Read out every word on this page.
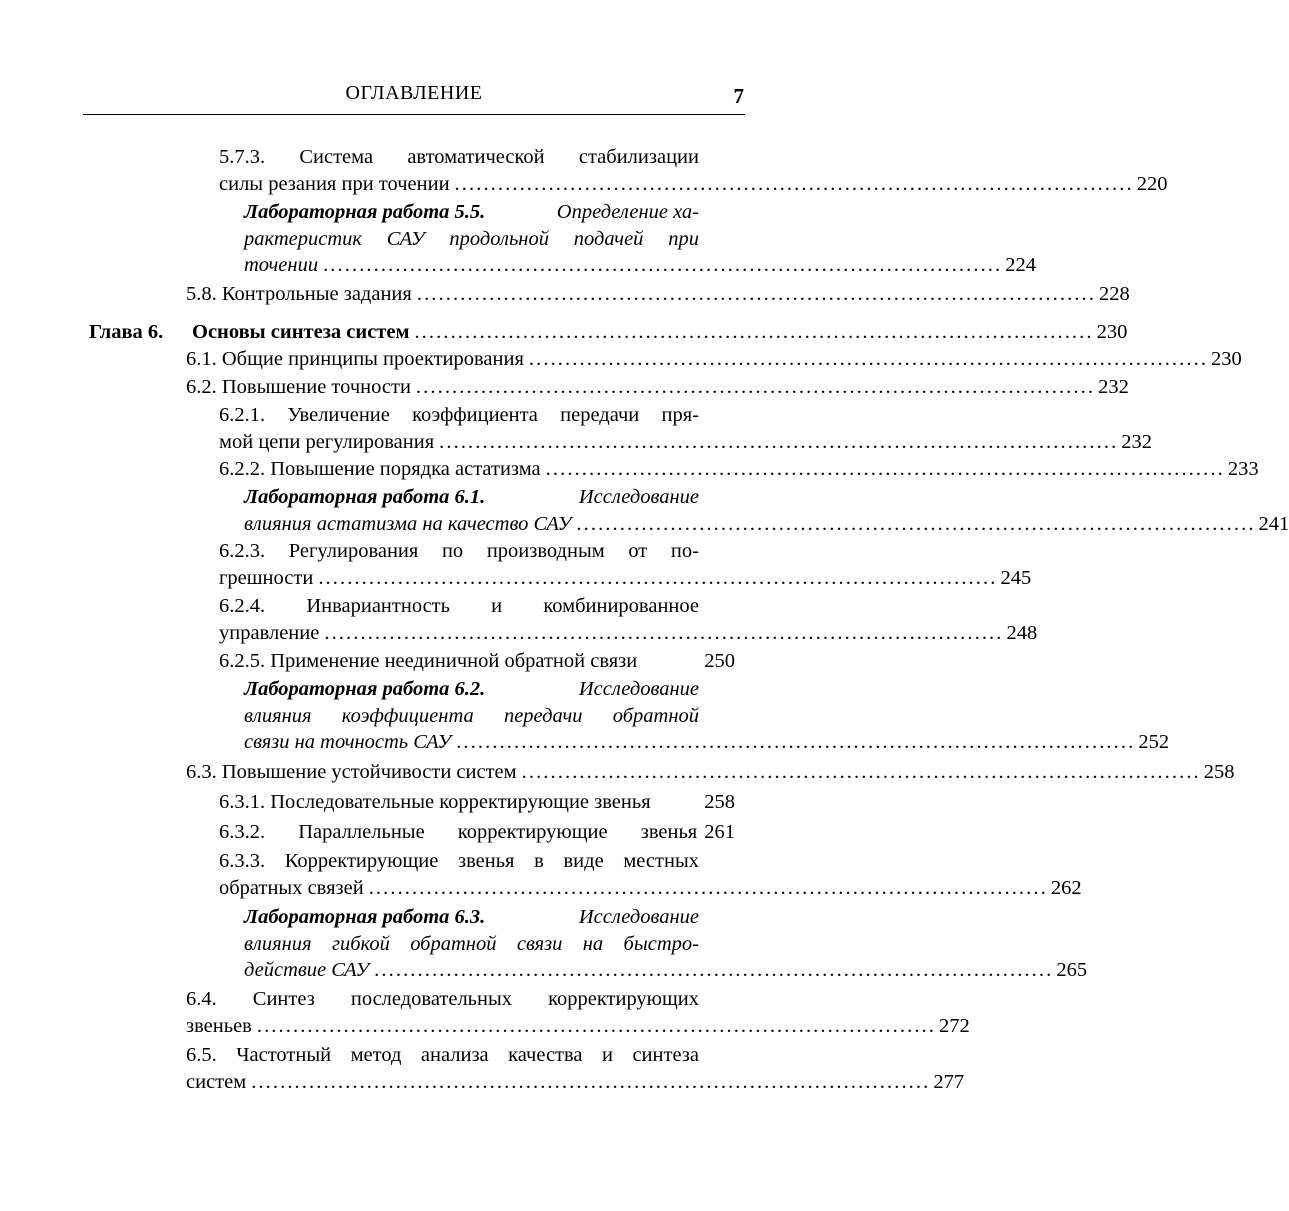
ОГЛАВЛЕНИЕ	7
5.7.3. Система автоматической стабилизации
силы резания при точении .............................................................................................. 220
Лабораторная работа 5.5.	Определение ха-
рактеристик САУ продольной подачей при
точении .............................................................................................. 224
5.8. Контрольные задания .............................................................................................. 228
Глава 6.	Основы синтеза систем .............................................................................................. 230
6.1. Общие принципы проектирования .............................................................................................. 230
6.2. Повышение точности .............................................................................................. 232
6.2.1. Увеличение коэффициента передачи пря-
мой цепи регулирования .............................................................................................. 232
6.2.2. Повышение порядка астатизма .............................................................................................. 233
Лабораторная работа 6.1.	Исследование
влияния астатизма на качество САУ .............................................................................................. 241
6.2.3. Регулирования по производным от по-
грешности .............................................................................................. 245
6.2.4. Инвариантность и комбинированное
управление .............................................................................................. 248
6.2.5. Применение неединичной обратной связи	250
Лабораторная работа 6.2.	Исследование
влияния коэффициента передачи обратной
связи на точность САУ .............................................................................................. 252
6.3. Повышение устойчивости систем .............................................................................................. 258
6.3.1. Последовательные корректирующие звенья	258
6.3.2. Параллельные корректирующие звенья 261
6.3.3. Корректирующие звенья в виде местных
обратных связей .............................................................................................. 262
Лабораторная работа 6.3.	Исследование
влияния гибкой обратной связи на быстро-
действие САУ .............................................................................................. 265
6.4. Синтез последовательных корректирующих
звеньев .............................................................................................. 272
6.5. Частотный метод анализа качества и синтеза
систем .............................................................................................. 277
